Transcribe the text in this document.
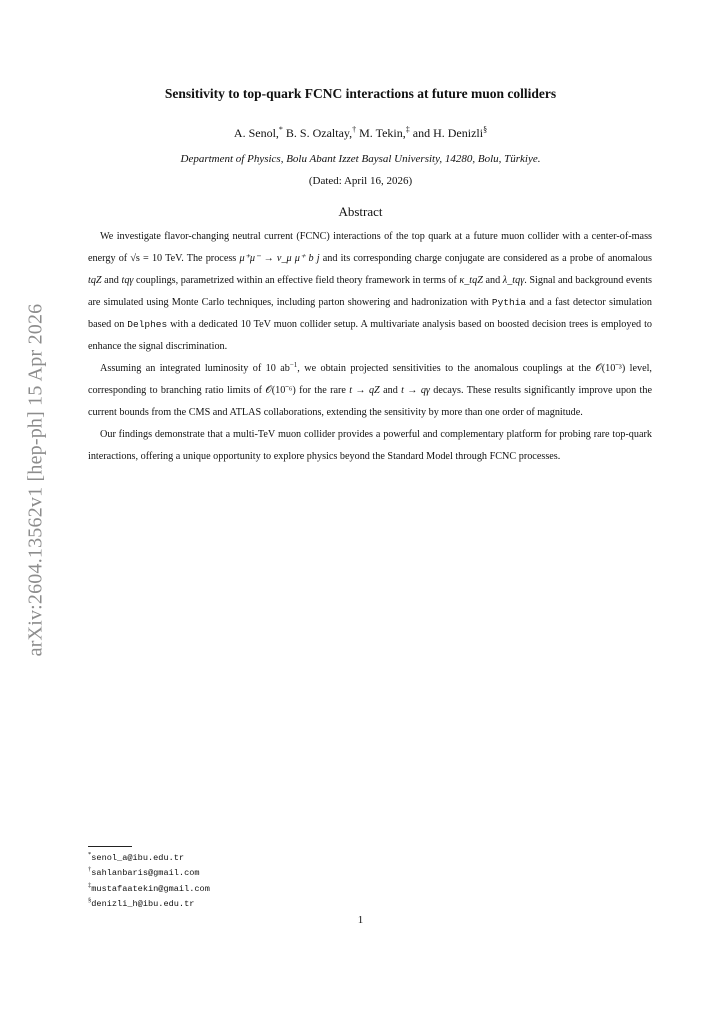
arXiv:2604.13562v1 [hep-ph] 15 Apr 2026
Sensitivity to top-quark FCNC interactions at future muon colliders
A. Senol,* B. S. Ozaltay,† M. Tekin,‡ and H. Denizli§
Department of Physics, Bolu Abant Izzet Baysal University, 14280, Bolu, Türkiye.
(Dated: April 16, 2026)
Abstract

We investigate flavor-changing neutral current (FCNC) interactions of the top quark at a future muon collider with a center-of-mass energy of √s = 10 TeV. The process μ⁺μ⁻ → ν_μ μ⁺ b j and its corresponding charge conjugate are considered as a probe of anomalous tqZ and tqγ couplings, parametrized within an effective field theory framework in terms of κ_tqZ and λ_tqγ. Signal and background events are simulated using Monte Carlo techniques, including parton showering and hadronization with Pythia and a fast detector simulation based on Delphes with a dedicated 10 TeV muon collider setup. A multivariate analysis based on boosted decision trees is employed to enhance the signal discrimination.

Assuming an integrated luminosity of 10 $ab^{-1}$, we obtain projected sensitivities to the anomalous couplings at the 𝒪(10⁻³) level, corresponding to branching ratio limits of 𝒪(10⁻⁶) for the rare t → qZ and t → qγ decays. These results significantly improve upon the current bounds from the CMS and ATLAS collaborations, extending the sensitivity by more than one order of magnitude.

Our findings demonstrate that a multi-TeV muon collider provides a powerful and complementary platform for probing rare top-quark interactions, offering a unique opportunity to explore physics beyond the Standard Model through FCNC processes.

*senol_a@ibu.edu.tr
†sahlanbaris@gmail.com
‡mustafaatekin@gmail.com
§denizli_h@ibu.edu.tr
1
